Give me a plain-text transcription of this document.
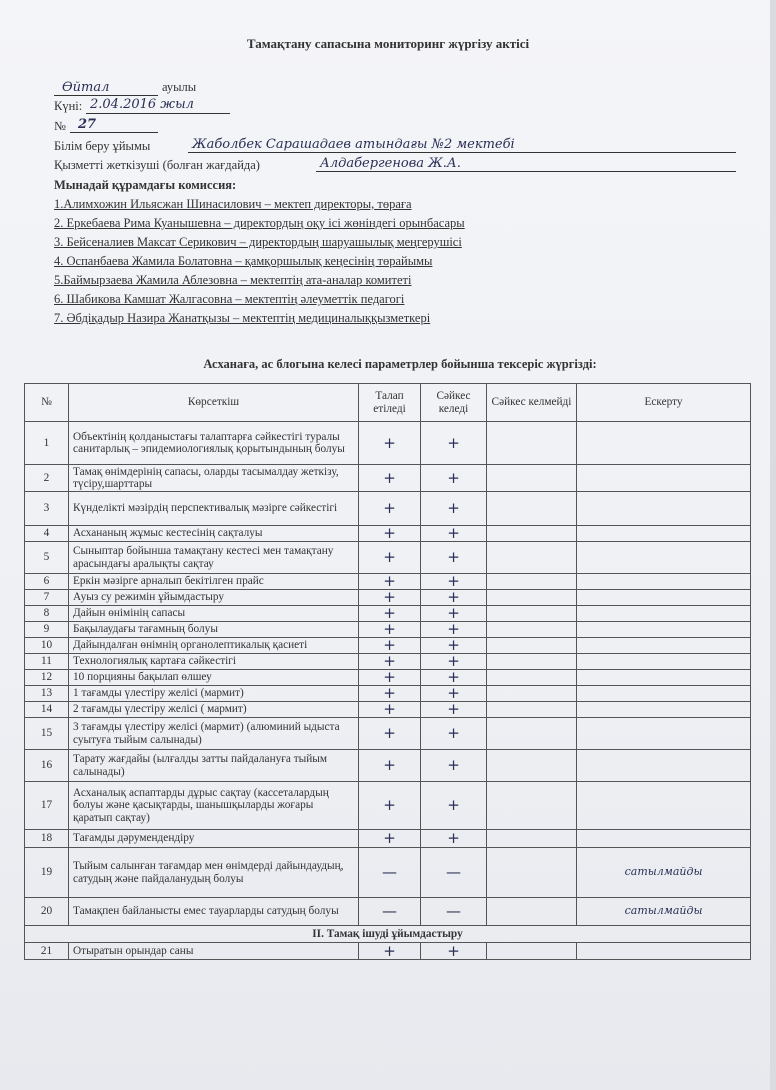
Тамақтану сапасына мониторинг жүргізу актісі
Өйтал	ауылы
Күні: 2.04.2016 жыл
№ 27
Білім беру ұйымы	Жаболбек Сарашадаев атындағы №2 мектебі
Қызметті жеткізуші (болған жағдайда)	Алдабергенова Ж.А.
Мынадай құрамдағы комиссия:
1.Алимхожин Ильясжан Шинасилович – мектеп директоры, төраға
2. Еркебаева Рима Куанышевна – директордың оқу ісі жөніндегі орынбасары
3. Бейсеналиев Максат Серикович – директордың шаруашылық меңгерушісі
4. Оспанбаева Жамила Болатовна – қамқоршылық кеңесінің төрайымы
5.Баймырзаева Жамила Аблезовна – мектептің ата-аналар комитеті
6. Шабикова Камшат Жалгасовна – мектептің әлеуметтік педагогі
7. Әбдіқадыр Назира Жанатқызы – мектептің медициналыққызметкері
Асханаға, ас блогына келесі параметрлер бойынша тексеріс жүргізді:
№	Көрсеткіш	Талап етіледі	Сәйкес келеді	Сәйкес келмейді	Ескерту
1	Объектінің қолданыстағы талаптарға сәйкестігі туралы санитарлық – эпидемиологиялық қорытындының болуы	+	+		
2	Тамақ өнімдерінің сапасы, оларды тасымалдау жеткізу, түсіру,шарттары	+	+		
3	Күнделікті мәзірдің перспективалық мәзірге сәйкестігі	+	+		
4	Асхананың жұмыс кестесінің сақталуы	+	+		
5	Сыныптар бойынша тамақтану кестесі мен тамақтану арасындағы аралықты сақтау	+	+		
6	Еркін мәзірге арналып бекітілген прайс	+	+		
7	Ауыз су режимін ұйымдастыру	+	+		
8	Дайын өнімінің сапасы	+	+		
9	Бақылаудағы тағамның болуы	+	+		
10	Дайындалған өнімнің органолептикалық қасиеті	+	+		
11	Технологиялық картаға сәйкестігі	+	+		
12	10 порцияны бақылап өлшеу	+	+		
13	1 тағамды үлестіру желісі (мармит)	+	+		
14	2 тағамды үлестіру желісі ( мармит)	+	+		
15	3 тағамды үлестіру желісі (мармит) (алюминий ыдыста суытуға тыйым салынады)	+	+		
16	Тарату жағдайы (ылғалды затты пайдалануға тыйым салынады)	+	+		
17	Асханалық аспаптарды дұрыс сақтау (кассеталардың болуы және қасықтарды, шанышқыларды жоғары қаратып сақтау)	+	+		
18	Тағамды дәрумендендіру	+	+		
19	Тыйым салынған тағамдар мен өнімдерді дайындаудың, сатудың және пайдаланудың болуы	—	—		сатылмайды
20	Тамақпен байланысты емес тауарларды сатудың болуы	—	—		сатылмайды
II. Тамақ ішуді ұйымдастыру					
21	Отыратын орындар саны	+	+		
